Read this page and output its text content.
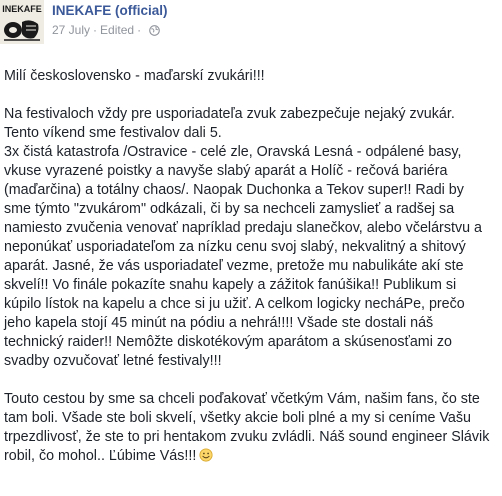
INEKAFE INEKAFE (official)
27 July · Edited ·

Milí československo - maďarskí zvukári!!!

Na festivaloch vždy pre usporiadateľa zvuk zabezpečuje nejaký zvukár.
Tento víkend sme festivalov dali 5.
3x čistá katastrofa /Ostravice - celé zle, Oravská Lesná - odpálené basy,
vkuse vyrazené poistky a navyše slabý aparát a Holíč - rečová bariéra
(maďarčina) a totálny chaos/. Naopak Duchonka a Tekov super!! Radi by
sme týmto "zvukárom" odkázali, či by sa nechceli zamyslieť a radšej sa
namiesto zvučenia venovať napríklad predaju slanečkov, alebo včelárstvu a
neponúkať usporiadateľom za nízku cenu svoj slabý, nekvalitný a shitový
aparát. Jasné, že vás usporiadateľ vezme, pretože mu nabulikáte akí ste
skvelí!! Vo finále pokazíte snahu kapely a zážitok fanúšika!! Publikum si
kúpilo lístok na kapelu a chce si ju užiť. A celkom logicky necháPe, prečo
jeho kapela stojí 45 minút na pódiu a nehrá!!!! Všade ste dostali náš
technický raider!! Nemôžte diskotékovým aparátom a skúsenosťami zo
svadby ozvučovať letné festivaly!!!

Touto cestou by sme sa chceli poďakovať včetkým Vám, našim fans, čo ste
tam boli. Všade ste boli skvelí, všetky akcie boli plné a my si ceníme Vašu
trpezdlivosť, že ste to pri hentakom zvuku zvládli. Náš sound engineer Slávik
robil, čo mohol.. Ľúbime Vás!!!
